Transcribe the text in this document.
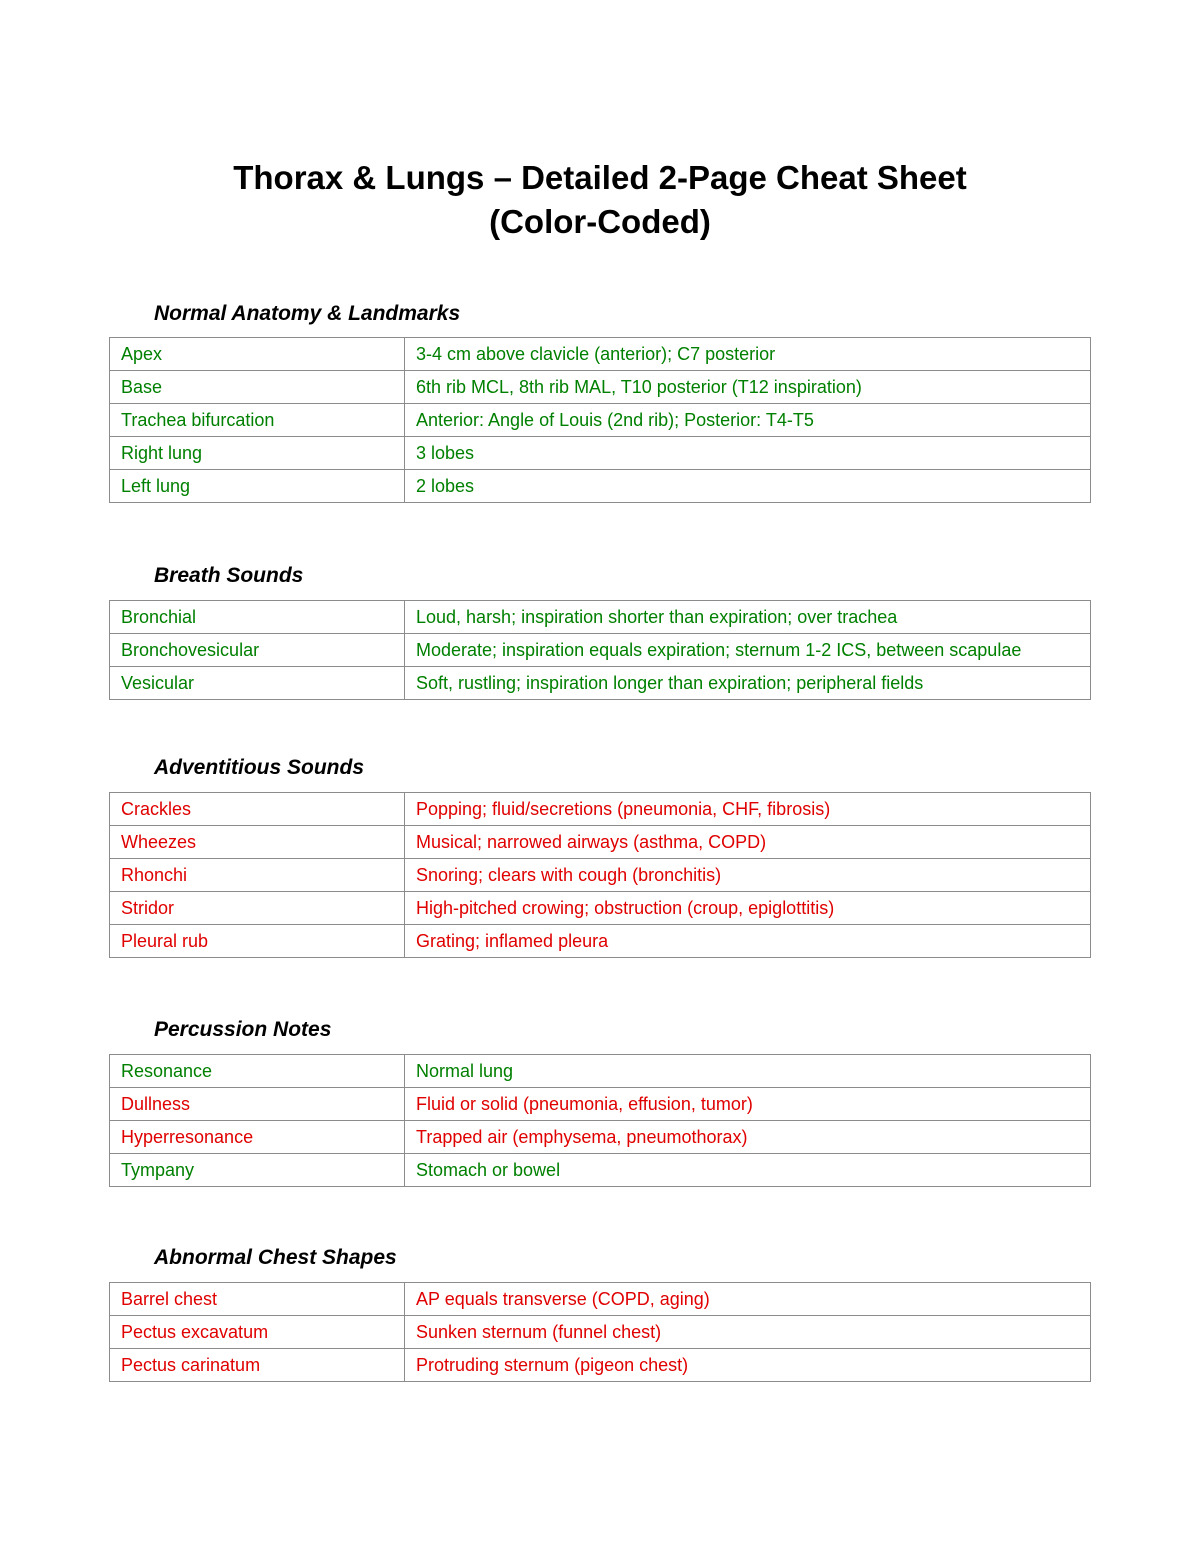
Thorax & Lungs – Detailed 2-Page Cheat Sheet
(Color-Coded)
Normal Anatomy & Landmarks
Apex	3-4 cm above clavicle (anterior); C7 posterior
Base	6th rib MCL, 8th rib MAL, T10 posterior (T12 inspiration)
Trachea bifurcation	Anterior: Angle of Louis (2nd rib); Posterior: T4-T5
Right lung	3 lobes
Left lung	2 lobes
Breath Sounds
Bronchial	Loud, harsh; inspiration shorter than expiration; over trachea
Bronchovesicular	Moderate; inspiration equals expiration; sternum 1-2 ICS, between scapulae
Vesicular	Soft, rustling; inspiration longer than expiration; peripheral fields
Adventitious Sounds
Crackles	Popping; fluid/secretions (pneumonia, CHF, fibrosis)
Wheezes	Musical; narrowed airways (asthma, COPD)
Rhonchi	Snoring; clears with cough (bronchitis)
Stridor	High-pitched crowing; obstruction (croup, epiglottitis)
Pleural rub	Grating; inflamed pleura
Percussion Notes
Resonance	Normal lung
Dullness	Fluid or solid (pneumonia, effusion, tumor)
Hyperresonance	Trapped air (emphysema, pneumothorax)
Tympany	Stomach or bowel
Abnormal Chest Shapes
Barrel chest	AP equals transverse (COPD, aging)
Pectus excavatum	Sunken sternum (funnel chest)
Pectus carinatum	Protruding sternum (pigeon chest)
